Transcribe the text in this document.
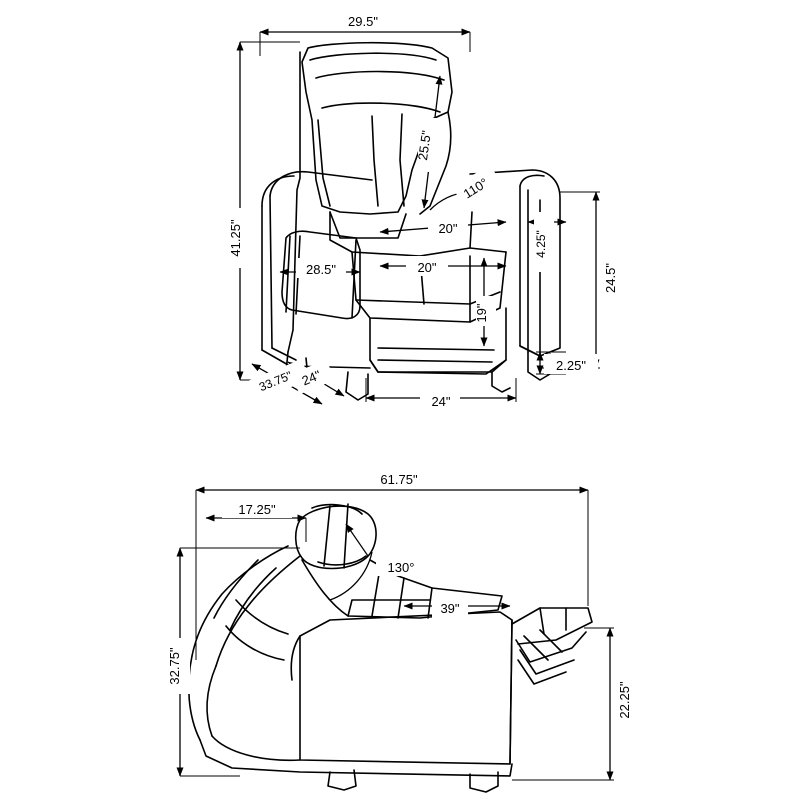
29.5"
41.25"
25.5"
110°
20"
20"
4.25"
24.5"
28.5"
19"
33.75" 24"
24"
2.25"
61.75"
17.25"
130°
39"
32.75"
22.25"
